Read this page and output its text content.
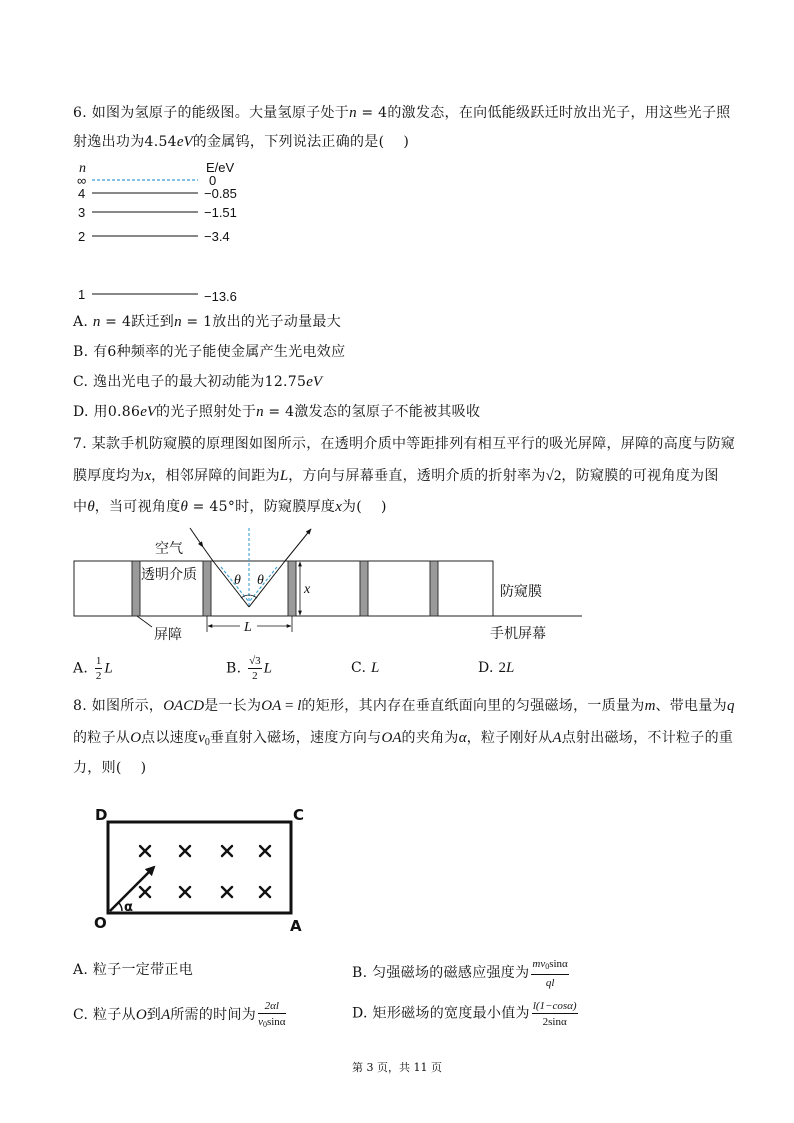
6. 如图为氢原子的能级图。大量氢原子处于n = 4的激发态，在向低能级跃迁时放出光子，用这些光子照
射逸出功为4.54eV的金属钨，下列说法正确的是(    )
n	E/eV
∞	0
4	−0.85
3	−1.51
2	−3.4
1	−13.6
A. n = 4跃迁到n = 1放出的光子动量最大
B. 有6种频率的光子能使金属产生光电效应
C. 逸出光电子的最大初动能为12.75eV
D. 用0.86eV的光子照射处于n = 4激发态的氢原子不能被其吸收
7. 某款手机防窥膜的原理图如图所示，在透明介质中等距排列有相互平行的吸光屏障，屏障的高度与防窥
膜厚度均为x，相邻屏障的间距为L，方向与屏幕垂直，透明介质的折射率为√2，防窥膜的可视角度为图
中θ，当可视角度θ = 45°时，防窥膜厚度x为(    )
θ θ
空气
透明介质
防窥膜
手机屏幕
屏障
x
L
A. $\frac{1}{2}$ L	B. $\frac{√3}{2}$ L	C. L	D. 2L
8. 如图所示，OACD是一长为OA = l的矩形，其内存在垂直纸面向里的匀强磁场，一质量为m、带电量为q
的粒子从O点以速度$v_0$垂直射入磁场，速度方向与OA的夹角为α，粒子刚好从A点射出磁场，不计粒子的重
力，则(    )
D	C
O	A
α
A. 粒子一定带正电	B. 匀强磁场的磁感应强度为 $\frac{mv_0\sin\alpha}{ql}$
C. 粒子从O到A所需的时间为 $\frac{2\alpha l}{v_0\sin\alpha}$	D. 矩形磁场的宽度最小值为 $\frac{l(1-\cos\alpha)}{2\sin\alpha}$
第 3 页，共 11 页
